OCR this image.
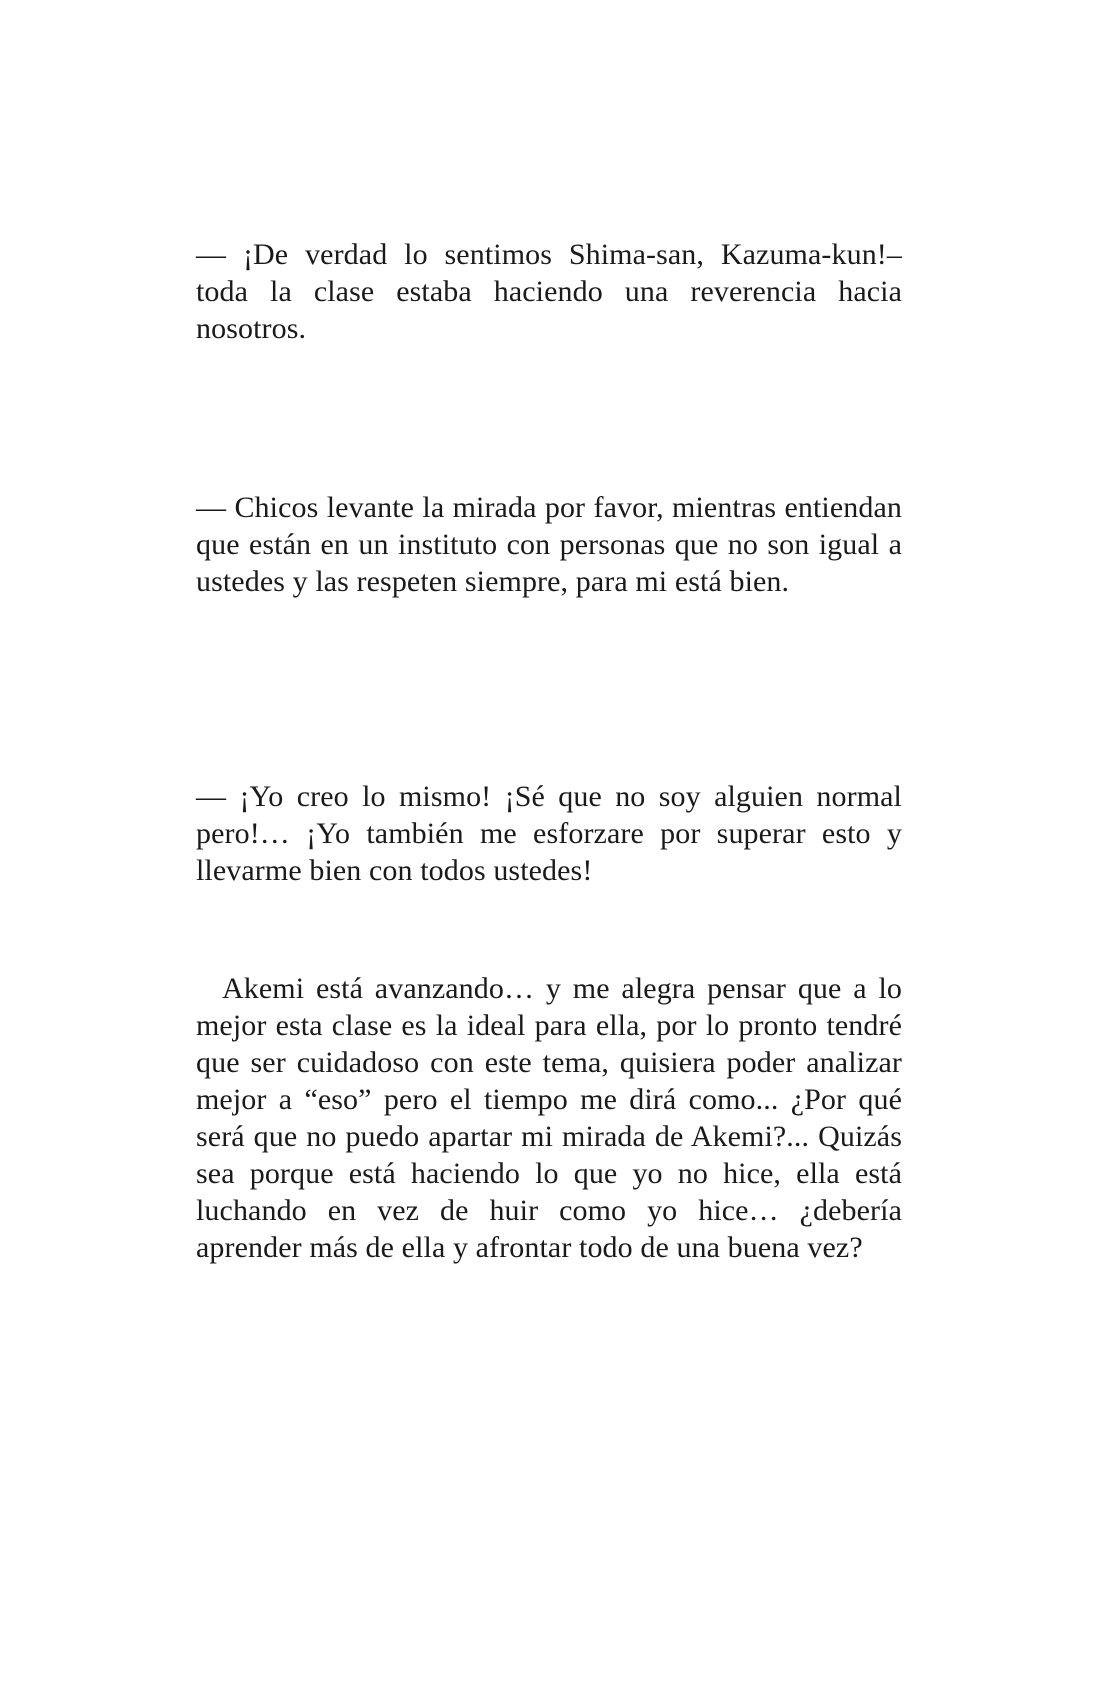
— ¡De verdad lo sentimos Shima-san, Kazuma-kun!– toda la clase estaba haciendo una reverencia hacia nosotros.

— Chicos levante la mirada por favor, mientras entiendan que están en un instituto con personas que no son igual a ustedes y las respeten siempre, para mi está bien.

— ¡Yo creo lo mismo! ¡Sé que no soy alguien normal pero!… ¡Yo también me esforzare por superar esto y llevarme bien con todos ustedes!

Akemi está avanzando… y me alegra pensar que a lo mejor esta clase es la ideal para ella, por lo pronto tendré que ser cuidadoso con este tema, quisiera poder analizar mejor a “eso” pero el tiempo me dirá como... ¿Por qué será que no puedo apartar mi mirada de Akemi?... Quizás sea porque está haciendo lo que yo no hice, ella está luchando en vez de huir como yo hice… ¿debería aprender más de ella y afrontar todo de una buena vez?
